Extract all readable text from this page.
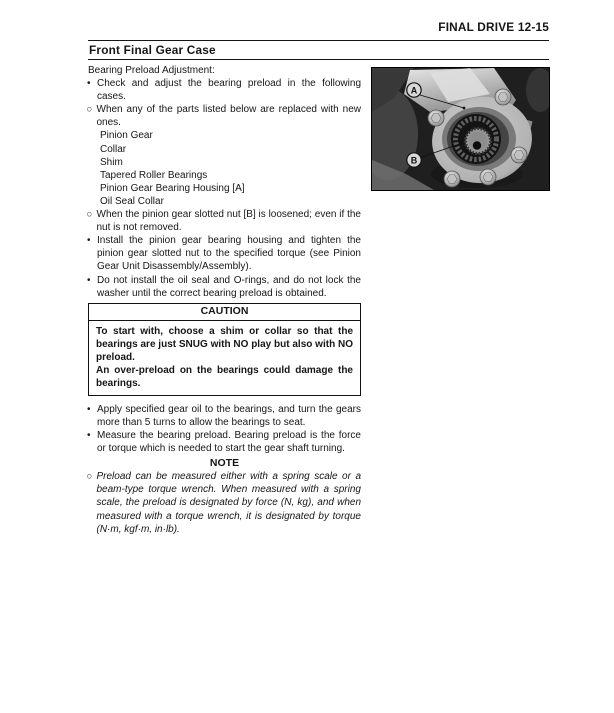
FINAL DRIVE 12-15
Front Final Gear Case

Bearing Preload Adjustment:

• Check and adjust the bearing preload in the following cases.

○ When any of the parts listed below are replaced with new ones.

Pinion Gear

Collar

Shim

Tapered Roller Bearings

Pinion Gear Bearing Housing [A]

Oil Seal Collar

○ When the pinion gear slotted nut [B] is loosened; even if the nut is not removed.

• Install the pinion gear bearing housing and tighten the pinion gear slotted nut to the specified torque (see Pinion Gear Unit Disassembly/Assembly).

• Do not install the oil seal and O-rings, and do not lock the washer until the correct bearing preload is obtained.

CAUTION

To start with, choose a shim or collar so that the bearings are just SNUG with NO play but also with NO preload.

An over-preload on the bearings could damage the bearings.

• Apply specified gear oil to the bearings, and turn the gears more than 5 turns to allow the bearings to seat.

• Measure the bearing preload. Bearing preload is the force or torque which is needed to start the gear shaft turning.

NOTE

○ Preload can be measured either with a spring scale or a beam-type torque wrench. When measured with a spring scale, the preload is designated by force (N, kg), and when measured with a torque wrench, it is designated by torque (N·m, kgf·m, in·lb).

A
B
